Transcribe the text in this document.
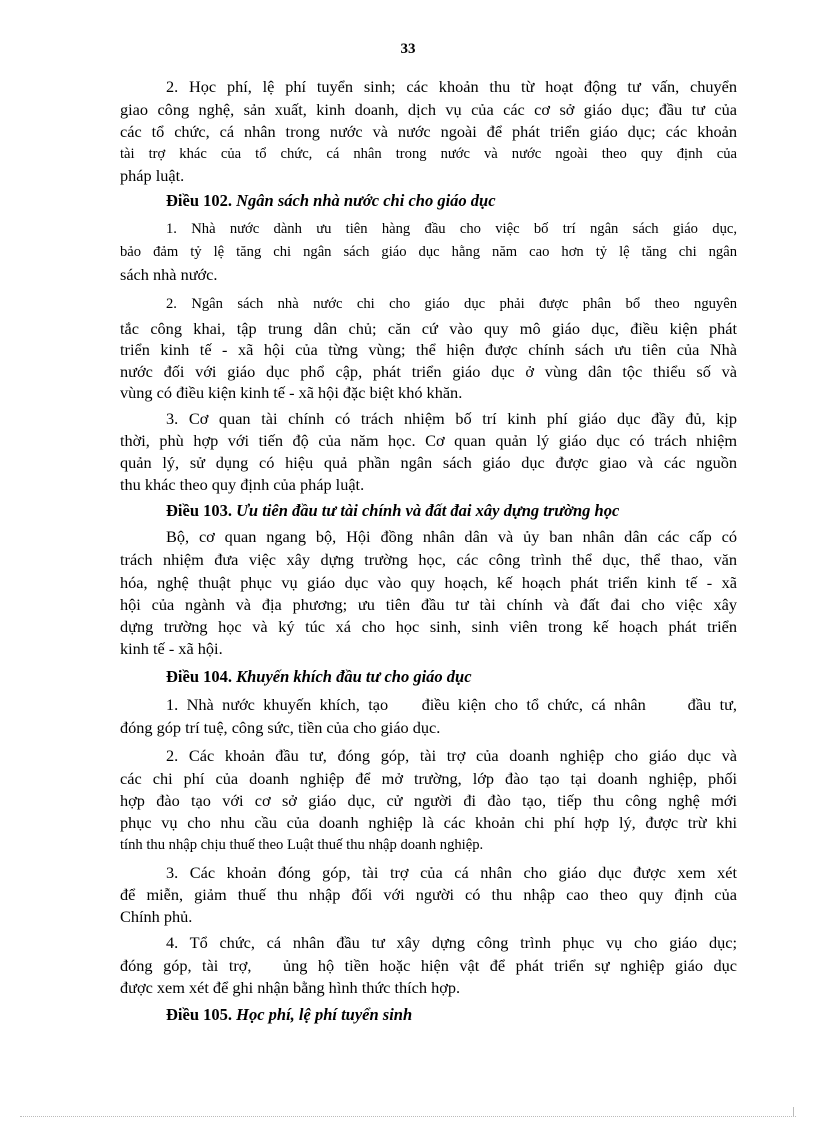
33
2. Học phí, lệ phí tuyển sinh; các khoản thu từ hoạt động tư vấn, chuyển
giao công nghệ, sản xuất, kinh doanh, dịch vụ của các cơ sở giáo dục; đầu tư của
các tổ chức, cá nhân trong nước và nước ngoài để phát triển giáo dục; các khoản
tài trợ khác của tổ chức, cá nhân trong nước và nước ngoài theo quy định của
pháp luật.
Điều 102. Ngân sách nhà nước chi cho giáo dục
1. Nhà nước dành ưu tiên hàng đầu cho việc bố trí ngân sách giáo dục,
bảo đảm tỷ lệ tăng chi ngân sách giáo dục hằng năm cao hơn tỷ lệ tăng chi ngân
sách nhà nước.
2. Ngân sách nhà nước chi cho giáo dục phải được phân bổ theo nguyên
tắc công khai, tập trung dân chủ; căn cứ vào quy mô giáo dục, điều kiện phát
triển kinh tế - xã hội của từng vùng; thể hiện được chính sách ưu tiên của Nhà
nước đối với giáo dục phổ cập, phát triển giáo dục ở vùng dân tộc thiểu số và
vùng có điều kiện kinh tế - xã hội đặc biệt khó khăn.
3. Cơ quan tài chính có trách nhiệm bố trí kinh phí giáo dục đầy đủ, kịp
thời, phù hợp với tiến độ của năm học. Cơ quan quản lý giáo dục có trách nhiệm
quản lý, sử dụng có hiệu quả phần ngân sách giáo dục được giao và các nguồn
thu khác theo quy định của pháp luật.
Điều 103. Ưu tiên đầu tư tài chính và đất đai xây dựng trường học
Bộ, cơ quan ngang bộ, Hội đồng nhân dân và ủy ban nhân dân các cấp có
trách nhiệm đưa việc xây dựng trường học, các công trình thể dục, thể thao, văn
hóa, nghệ thuật phục vụ giáo dục vào quy hoạch, kế hoạch phát triển kinh tế - xã
hội của ngành và địa phương; ưu tiên đầu tư tài chính và đất đai cho việc xây
dựng trường học và ký túc xá cho học sinh, sinh viên trong kế hoạch phát triển
kinh tế - xã hội.
Điều 104. Khuyến khích đầu tư cho giáo dục
1. Nhà nước khuyến khích, tạo    điều kiện cho tổ chức, cá nhân     đầu tư,
đóng góp trí tuệ, công sức, tiền của cho giáo dục.
2. Các khoản đầu tư, đóng góp, tài trợ của doanh nghiệp cho giáo dục và
các chi phí của doanh nghiệp để mở trường, lớp đào tạo tại doanh nghiệp, phối
hợp đào tạo với cơ sở giáo dục, cử người đi đào tạo, tiếp thu công nghệ mới
phục vụ cho nhu cầu của doanh nghiệp là các khoản chi phí hợp lý, được trừ khi
tính thu nhập chịu thuế theo Luật thuế thu nhập doanh nghiệp.
3. Các khoản đóng góp, tài trợ của cá nhân cho giáo dục được xem xét
để miễn, giảm thuế thu nhập đối với người có thu nhập cao theo quy định của
Chính phủ.
4. Tổ chức, cá nhân đầu tư xây dựng công trình phục vụ cho giáo dục;
đóng góp, tài trợ,   ủng hộ tiền hoặc hiện vật để phát triển sự nghiệp giáo dục
được xem xét để ghi nhận bằng hình thức thích hợp.
Điều 105. Học phí, lệ phí tuyển sinh
